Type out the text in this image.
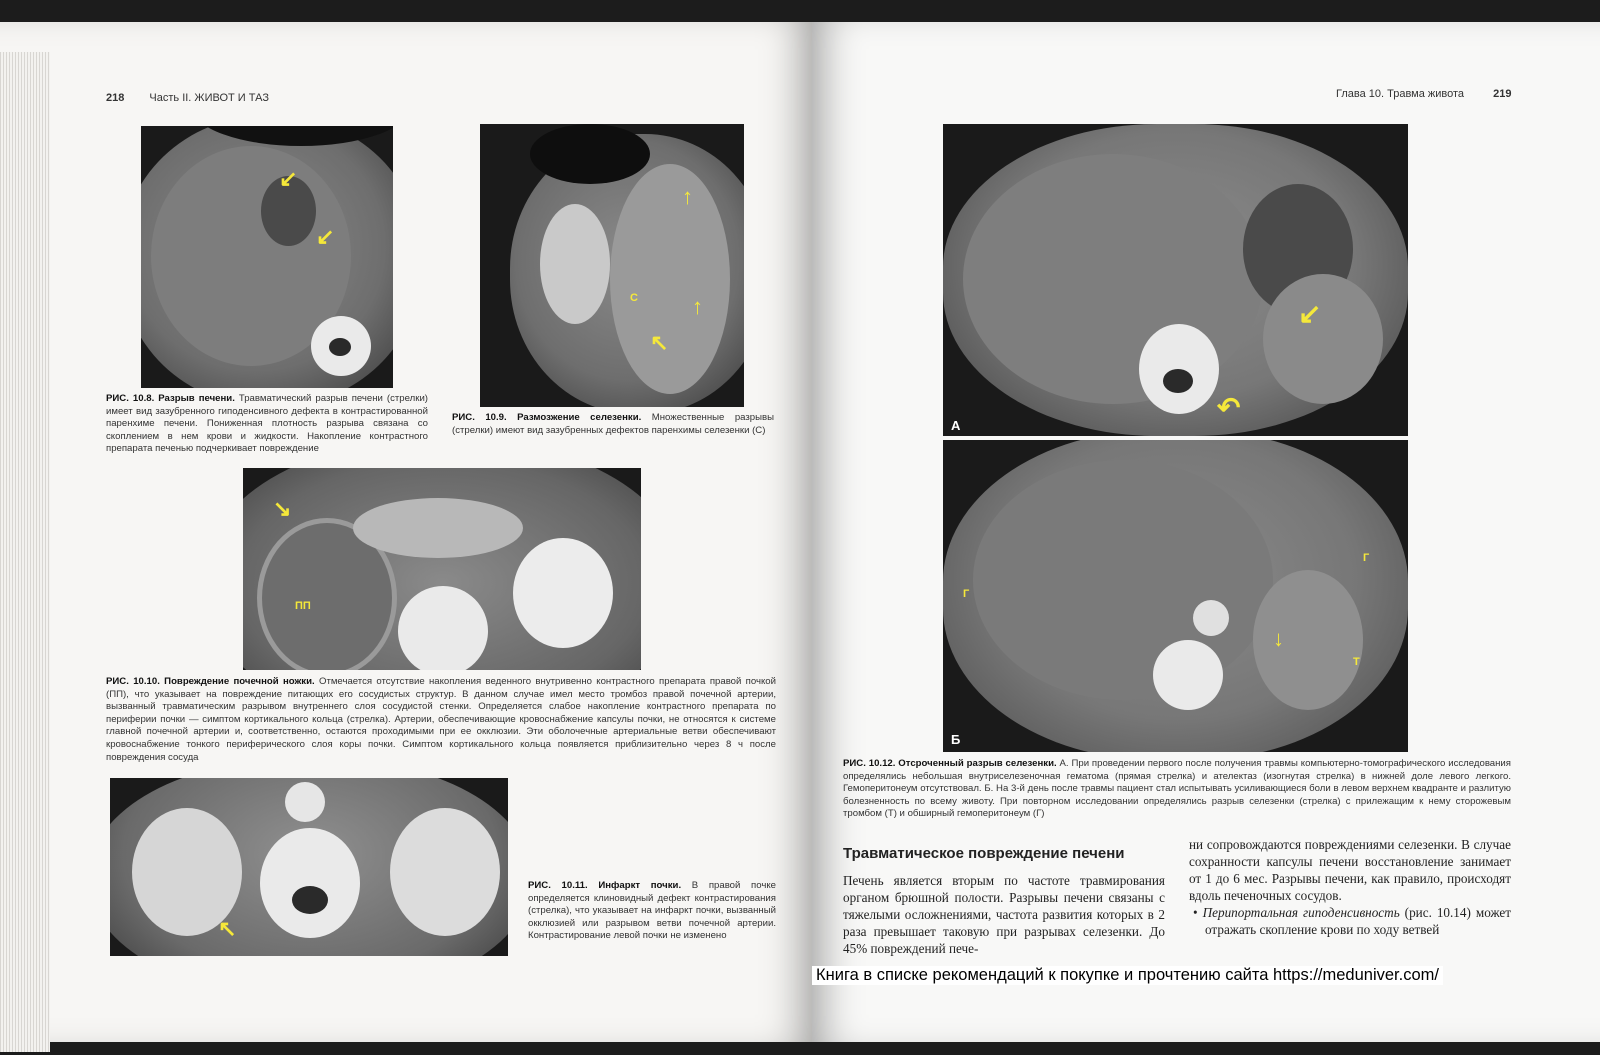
218 Часть II. ЖИВОТ И ТАЗ
↙
↙
РИС. 10.8. Разрыв печени. Травматический разрыв печени (стрелки) имеет вид зазубренного гиподенсивного дефекта в контрастированной паренхиме печени. Пониженная плотность разрыва связана со скоплением в нем крови и жидкости. Накопление контрастного препарата печенью подчеркивает повреждение
↑
↑
↖
С
РИС. 10.9. Размозжение селезенки. Множественные разрывы (стрелки) имеют вид зазубренных дефектов паренхимы селезенки (С)
↘
ПП
РИС. 10.10. Повреждение почечной ножки. Отмечается отсутствие накопления веденного внутривенно контрастного препарата правой почкой (ПП), что указывает на повреждение питающих его сосудистых структур. В данном случае имел место тромбоз правой почечной артерии, вызванный травматическим разрывом внутреннего слоя сосудистой стенки. Определяется слабое накопление контрастного препарата по периферии почки — симптом кортикального кольца (стрелка). Артерии, обеспечивающие кровоснабжение капсулы почки, не относятся к системе главной почечной артерии и, соответственно, остаются проходимыми при ее окклюзии. Эти оболочечные артериальные ветви обеспечивают кровоснабжение тонкого периферического слоя коры почки. Симптом кортикального кольца появляется приблизительно через 8 ч после повреждения сосуда
↖
РИС. 10.11. Инфаркт почки. В правой почке определяется клиновидный дефект контрастирования (стрелка), что указывает на инфаркт почки, вызванный окклюзией или разрывом ветви почечной артерии. Контрастирование левой почки не изменено
Глава 10. Травма живота	219
↙
↶
А
↓
Г
Г
Т
Б
РИС. 10.12. Отсроченный разрыв селезенки. А. При проведении первого после получения травмы компьютерно-томографического исследования определялись небольшая внутриселезеночная гематома (прямая стрелка) и ателектаз (изогнутая стрелка) в нижней доле левого легкого. Гемоперитонеум отсутствовал. Б. На 3-й день после травмы пациент стал испытывать усиливающиеся боли в левом верхнем квадранте и разлитую болезненность по всему животу. При повторном исследовании определялись разрыв селезенки (стрелка) с прилежащим к нему сторожевым тромбом (Т) и обширный гемоперитонеум (Г)
Травматическое повреждение печени
Печень является вторым по частоте травмирования органом брюшной полости. Разрывы печени связаны с тяжелыми осложнениями, частота развития которых в 2 раза превышает таковую при разрывах селезенки. До 45% повреждений пече-
ни сопровождаются повреждениями селезенки. В случае сохранности капсулы печени восстановление занимает от 1 до 6 мес. Разрывы печени, как правило, происходят вдоль печеночных сосудов.
• Перипортальная гиподенсивность (рис. 10.14) может отражать скопление крови по ходу ветвей
Книга в списке рекомендаций к покупке и прочтению сайта https://meduniver.com/
